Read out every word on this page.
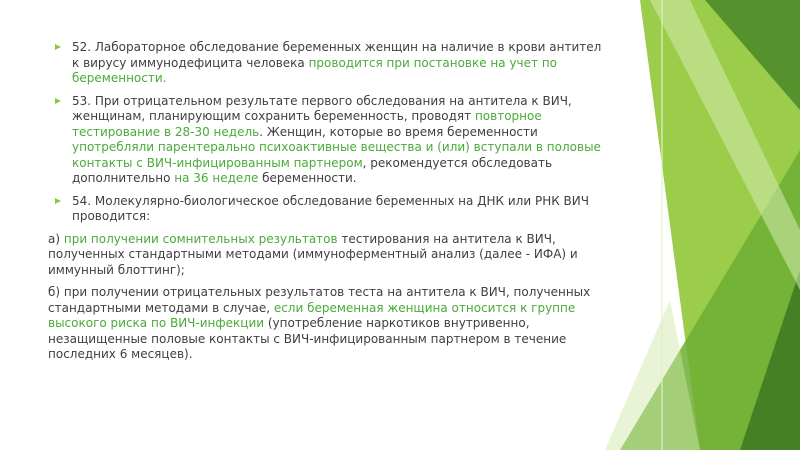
52. Лабораторное обследование беременных женщин на наличие в крови антител к вирусу иммунодефицита человека проводится при постановке на учет по беременности.
53. При отрицательном результате первого обследования на антитела к ВИЧ, женщинам, планирующим сохранить беременность, проводят повторное тестирование в 28-30 недель. Женщин, которые во время беременности употребляли парентерально психоактивные вещества и (или) вступали в половые контакты с ВИЧ-инфицированным партнером, рекомендуется обследовать дополнительно на 36 неделе беременности.
54. Молекулярно-биологическое обследование беременных на ДНК или РНК ВИЧ проводится:
а) при получении сомнительных результатов тестирования на антитела к ВИЧ, полученных стандартными методами (иммуноферментный анализ (далее - ИФА) и иммунный блоттинг);
б) при получении отрицательных результатов теста на антитела к ВИЧ, полученных стандартными методами в случае, если беременная женщина относится к группе высокого риска по ВИЧ-инфекции (употребление наркотиков внутривенно, незащищенные половые контакты с ВИЧ-инфицированным партнером в течение последних 6 месяцев).
